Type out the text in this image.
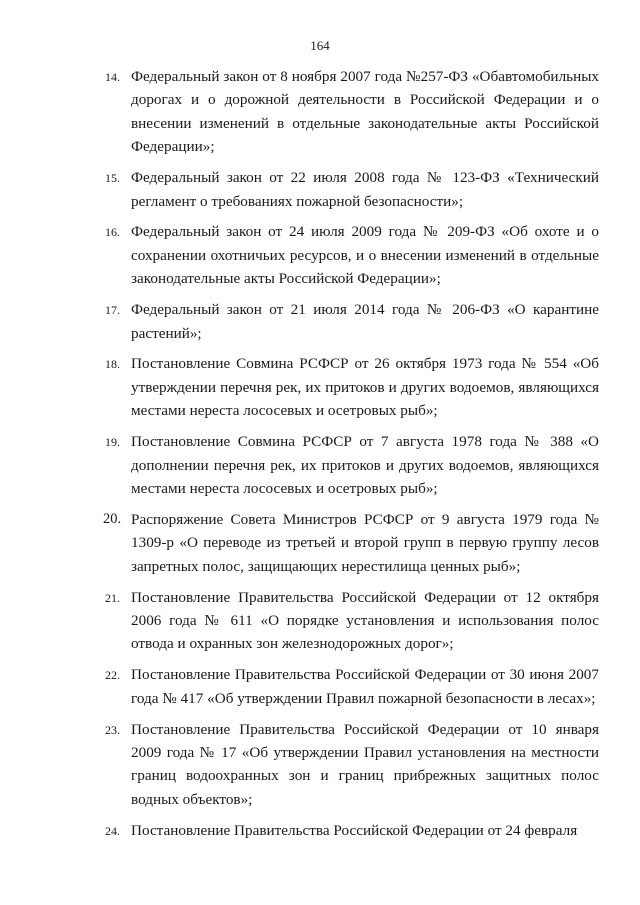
164
14. Федеральный закон от 8 ноября 2007 года №257-ФЗ «Обавтомобильных дорогах и о дорожной деятельности в Российской Федерации и о внесении изменений в отдельные законодательные акты Российской Федерации»;
15. Федеральный закон от 22 июля 2008 года № 123-ФЗ «Технический регламент о требованиях пожарной безопасности»;
16. Федеральный закон от 24 июля 2009 года № 209-ФЗ «Об охоте и о сохранении охотничьих ресурсов, и о внесении изменений в отдельные законодательные акты Российской Федерации»;
17. Федеральный закон от 21 июля 2014 года № 206-ФЗ «О карантине растений»;
18. Постановление Совмина РСФСР от 26 октября 1973 года № 554 «Об утверждении перечня рек, их притоков и других водоемов, являющихся местами нереста лососевых и осетровых рыб»;
19. Постановление Совмина РСФСР от 7 августа 1978 года № 388 «О дополнении перечня рек, их притоков и других водоемов, являющихся местами нереста лососевых и осетровых рыб»;
20. Распоряжение Совета Министров РСФСР от 9 августа 1979 года № 1309-р «О переводе из третьей и второй групп в первую группу лесов запретных полос, защищающих нерестилища ценных рыб»;
21. Постановление Правительства Российской Федерации от 12 октября 2006 года № 611 «О порядке установления и использования полос отвода и охранных зон железнодорожных дорог»;
22. Постановление Правительства Российской Федерации от 30 июня 2007 года № 417 «Об утверждении Правил пожарной безопасности в лесах»;
23. Постановление Правительства Российской Федерации от 10 января 2009 года № 17 «Об утверждении Правил установления на местности границ водоохранных зон и границ прибрежных защитных полос водных объектов»;
24. Постановление Правительства Российской Федерации от 24 февраля
